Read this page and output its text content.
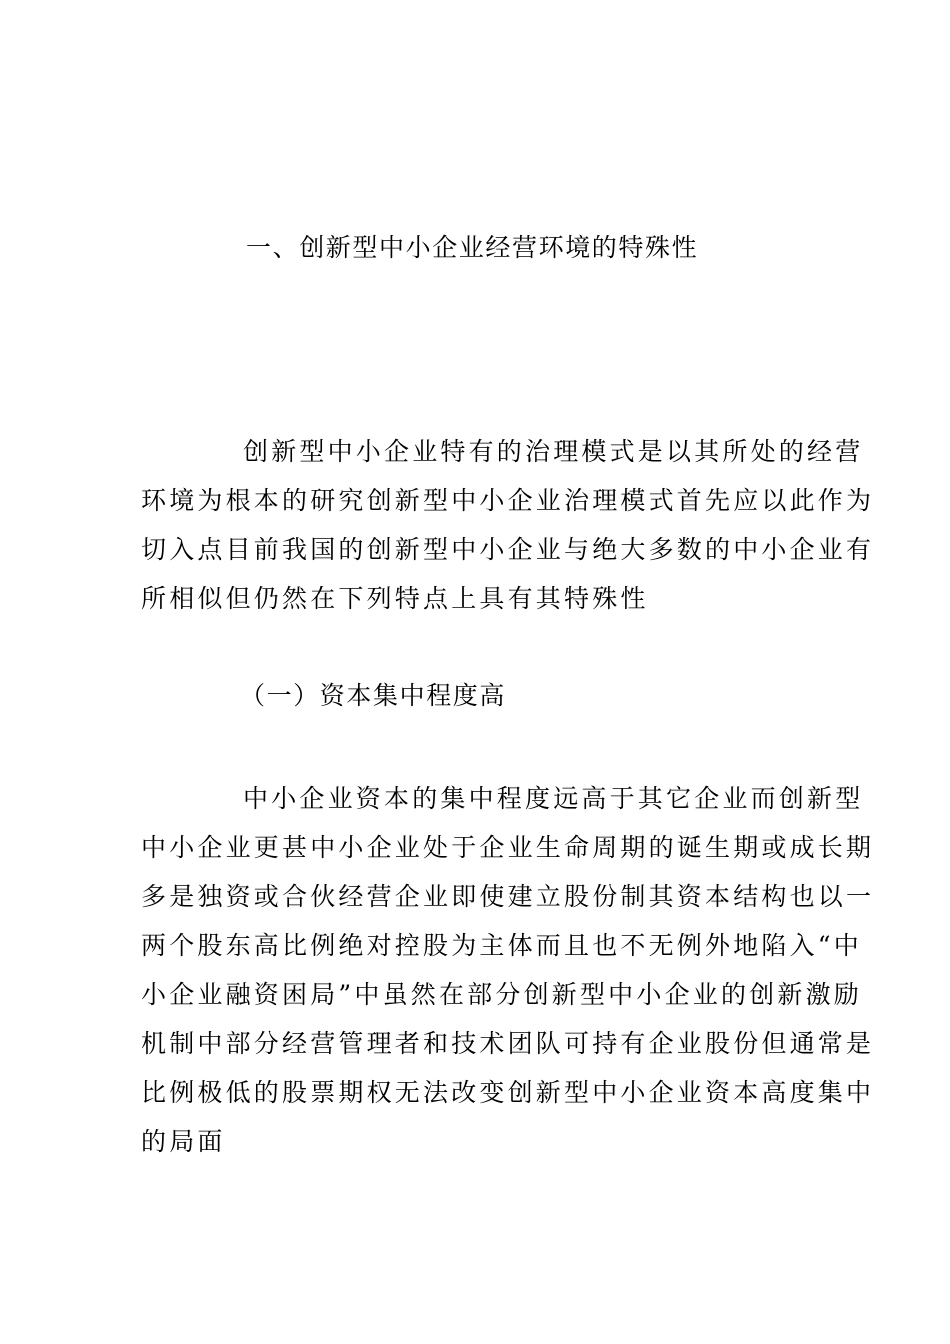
一、创新型中小企业经营环境的特殊性

创新型中小企业特有的治理模式是以其所处的经营

环境为根本的研究创新型中小企业治理模式首先应以此作为

切入点目前我国的创新型中小企业与绝大多数的中小企业有

所相似但仍然在下列特点上具有其特殊性

（一）资本集中程度高

中小企业资本的集中程度远高于其它企业而创新型

中小企业更甚中小企业处于企业生命周期的诞生期或成长期

多是独资或合伙经营企业即使建立股份制其资本结构也以一

两个股东高比例绝对控股为主体而且也不无例外地陷入“中

小企业融资困局”中虽然在部分创新型中小企业的创新激励

机制中部分经营管理者和技术团队可持有企业股份但通常是

比例极低的股票期权无法改变创新型中小企业资本高度集中

的局面
